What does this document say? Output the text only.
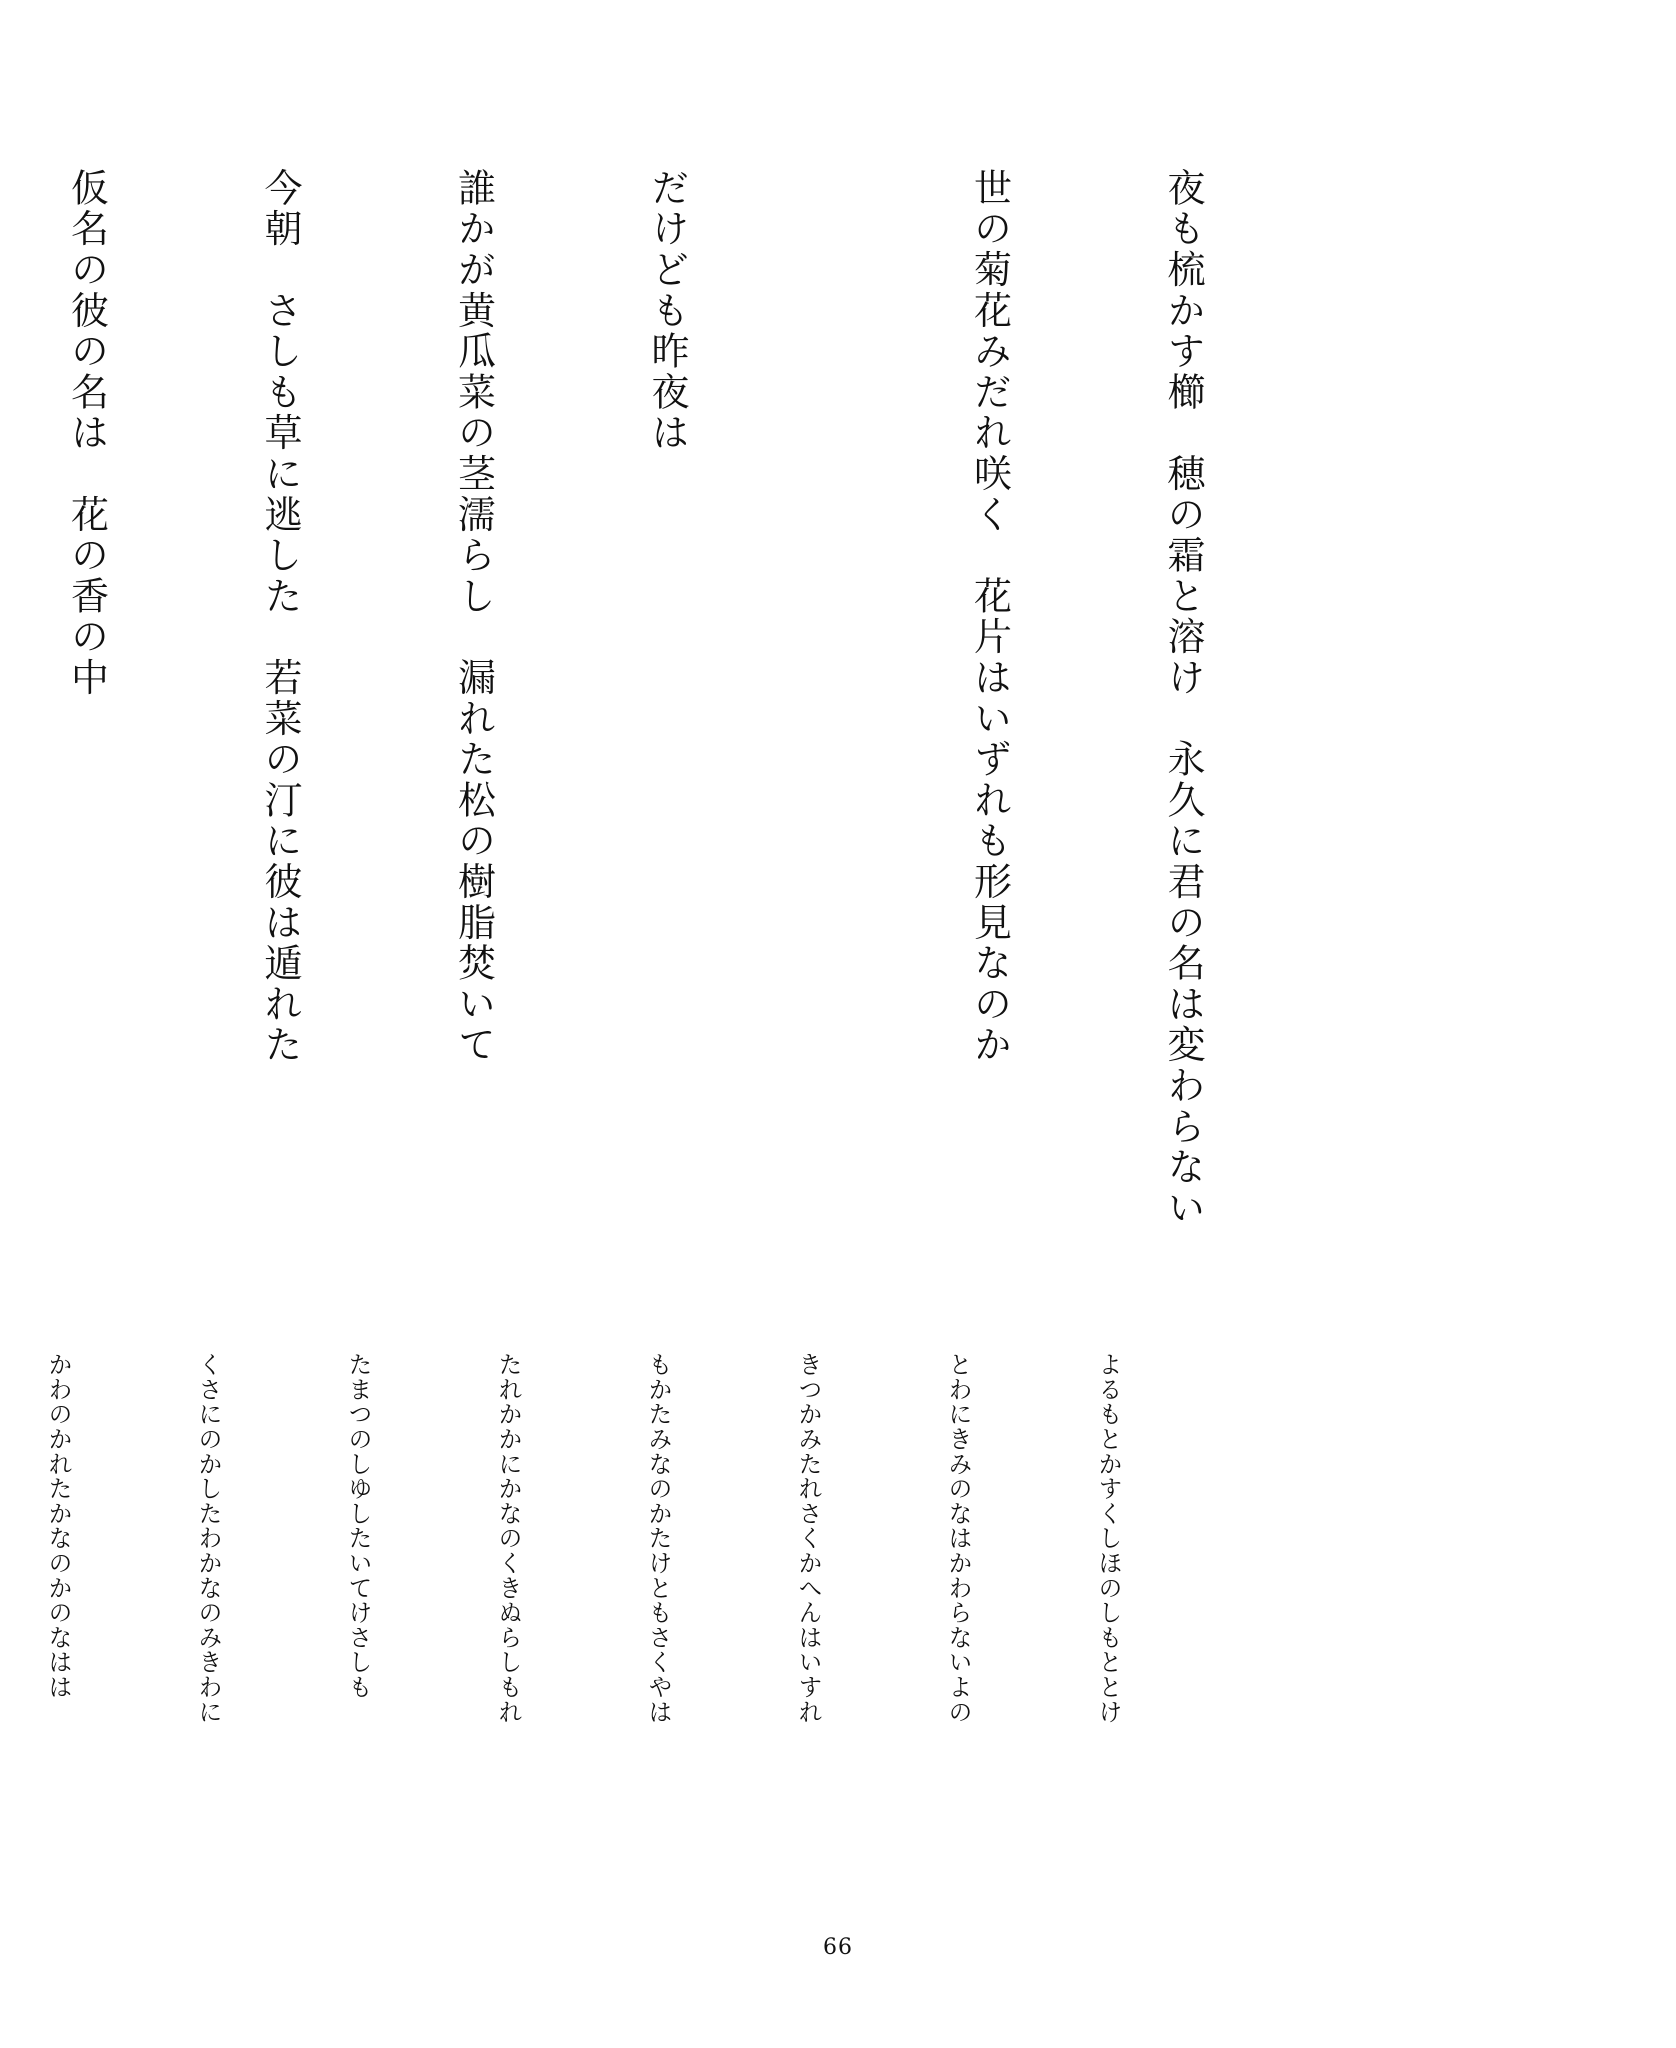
夜も梳かす櫛　穂の霜と溶け　永久に君の名は変わらない

世の菊花みだれ咲く　花片はいずれも形見なのか

だけども昨夜は

誰かが黄瓜菜の茎濡らし　漏れた松の樹脂焚いて

今朝　さしも草に逃した　若菜の汀に彼は遁れた

仮名の彼の名は　花の香の中

よるもとかすくしほのしもととけ

とわにきみのなはかわらないよの

きつかみたれさくかへんはいすれ

もかたみなのかたけともさくやは

たれかかにかなのくきぬらしもれ

たまつのしゆしたいてけさしも

くさにのかしたわかなのみきわに

かわのかれたかなのかのなはは

66
